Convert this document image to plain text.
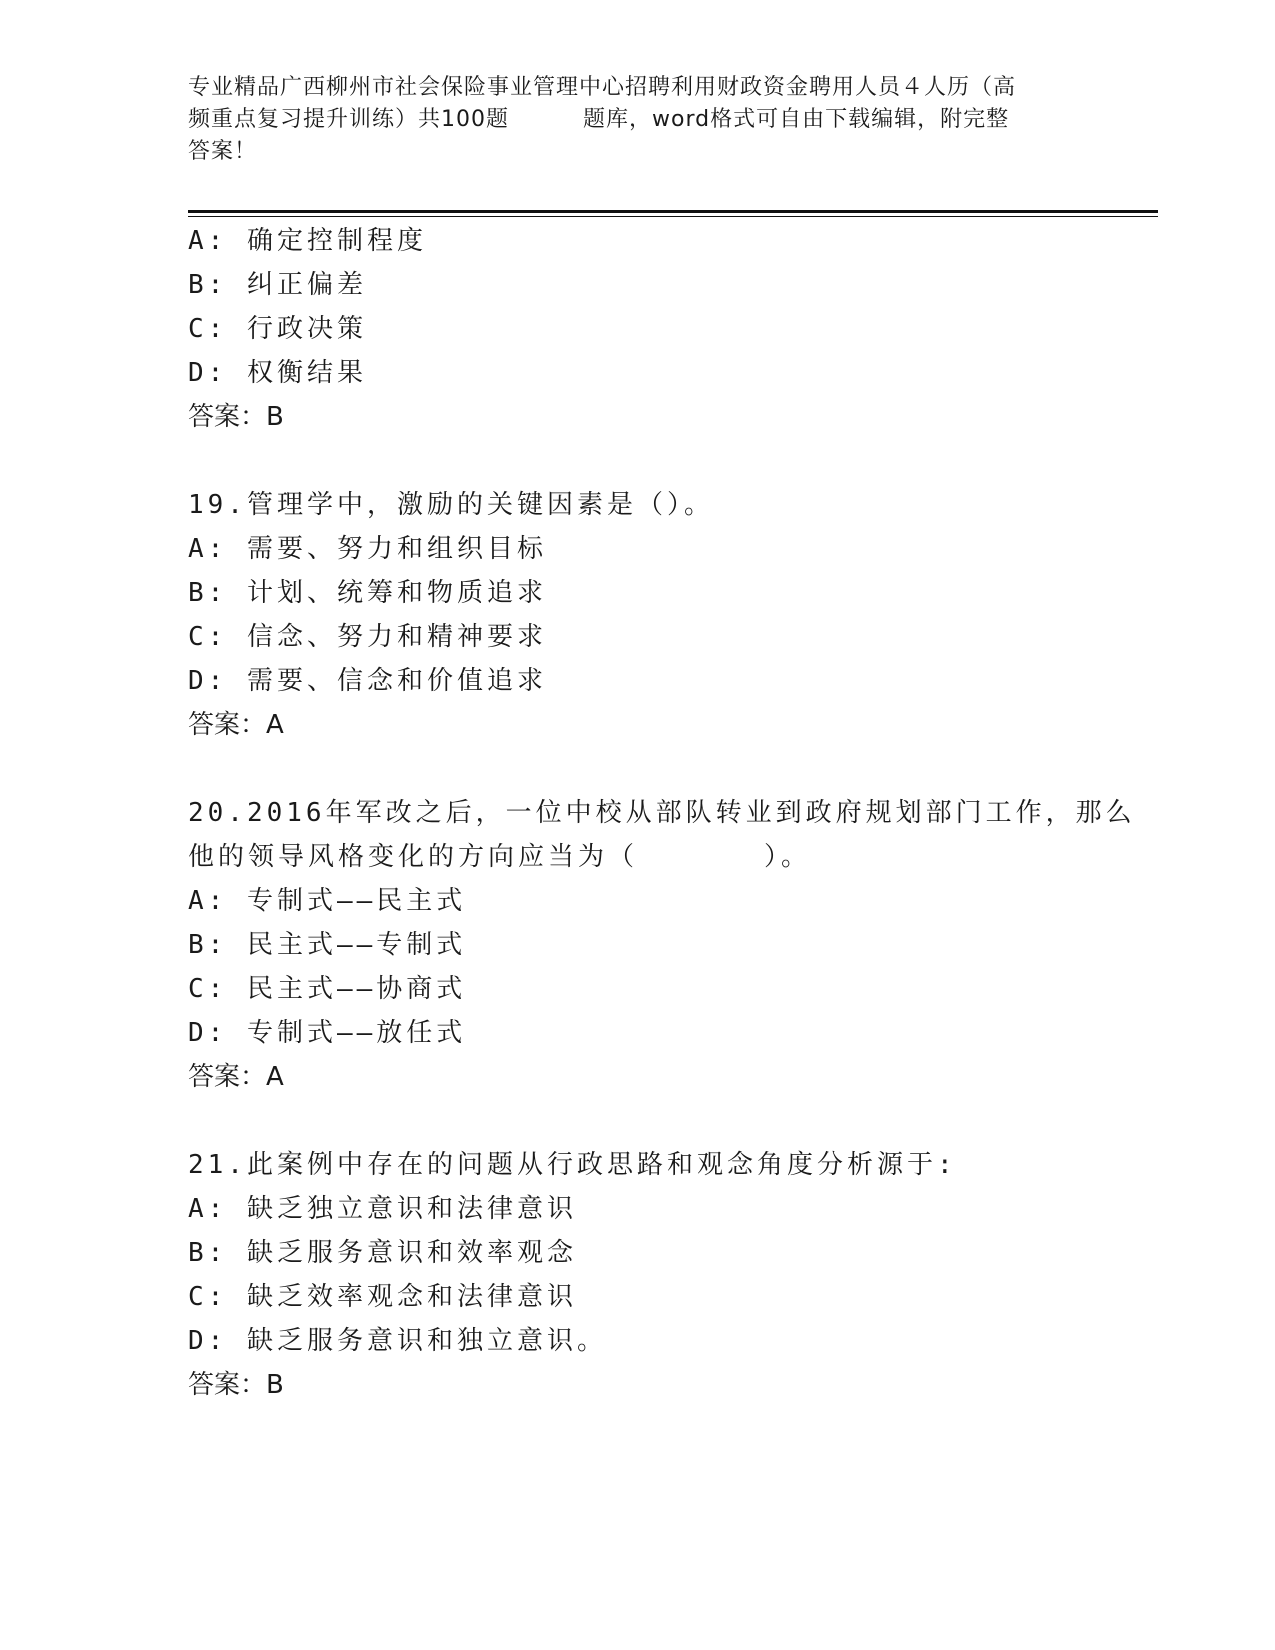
专业精品广西柳州市社会保险事业管理中心招聘利用财政资金聘用人员４人历（高
频重点复习提升训练）共100题	题库，word格式可自由下载编辑，附完整
答案！
A: 确定控制程度
B: 纠正偏差
C: 行政决策
D: 权衡结果
答案：B
19.管理学中，激励的关键因素是（）。
A: 需要、努力和组织目标
B: 计划、统筹和物质追求
C: 信念、努力和精神要求
D: 需要、信念和价值追求
答案：A
20.2016年军改之后，一位中校从部队转业到政府规划部门工作，那么
他的领导风格变化的方向应当为（	）。
A: 专制式——民主式
B: 民主式——专制式
C: 民主式——协商式
D: 专制式——放任式
答案：A
21.此案例中存在的问题从行政思路和观念角度分析源于:
A: 缺乏独立意识和法律意识
B: 缺乏服务意识和效率观念
C: 缺乏效率观念和法律意识
D: 缺乏服务意识和独立意识。
答案：B
